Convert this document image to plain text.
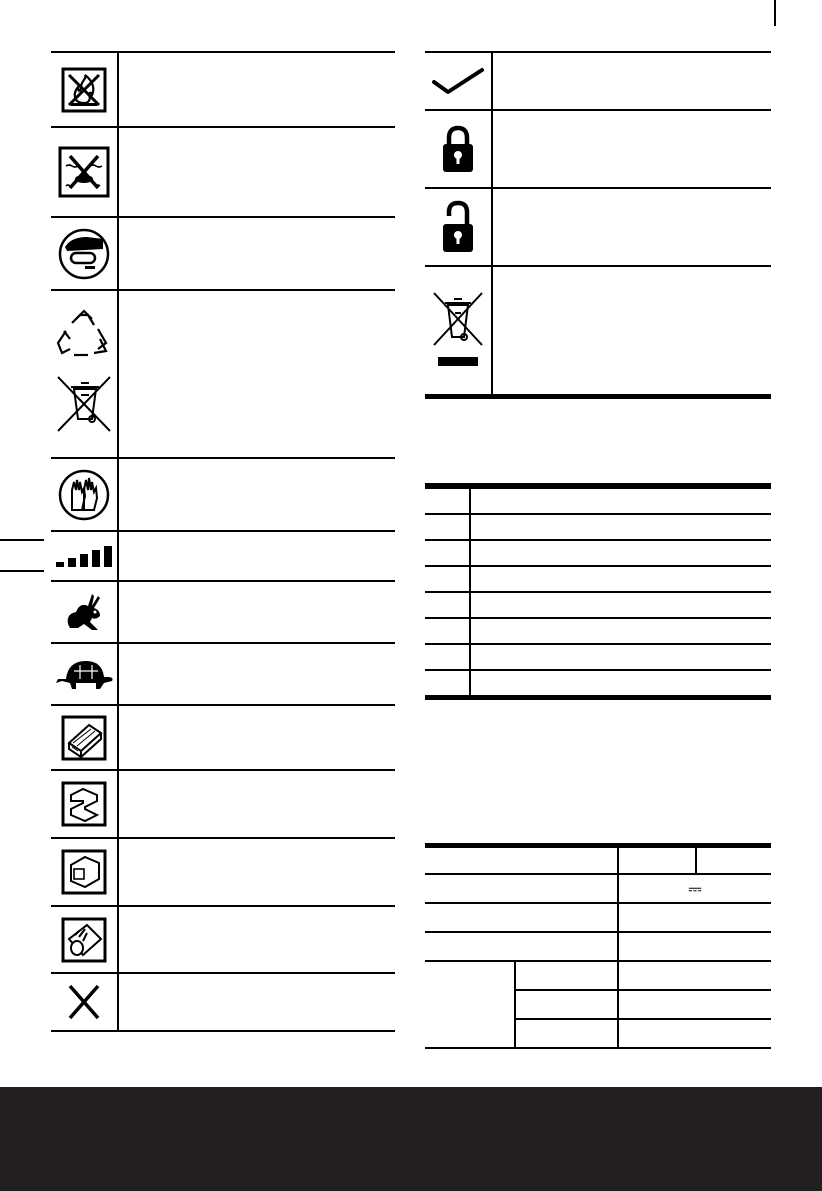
		⎓	
